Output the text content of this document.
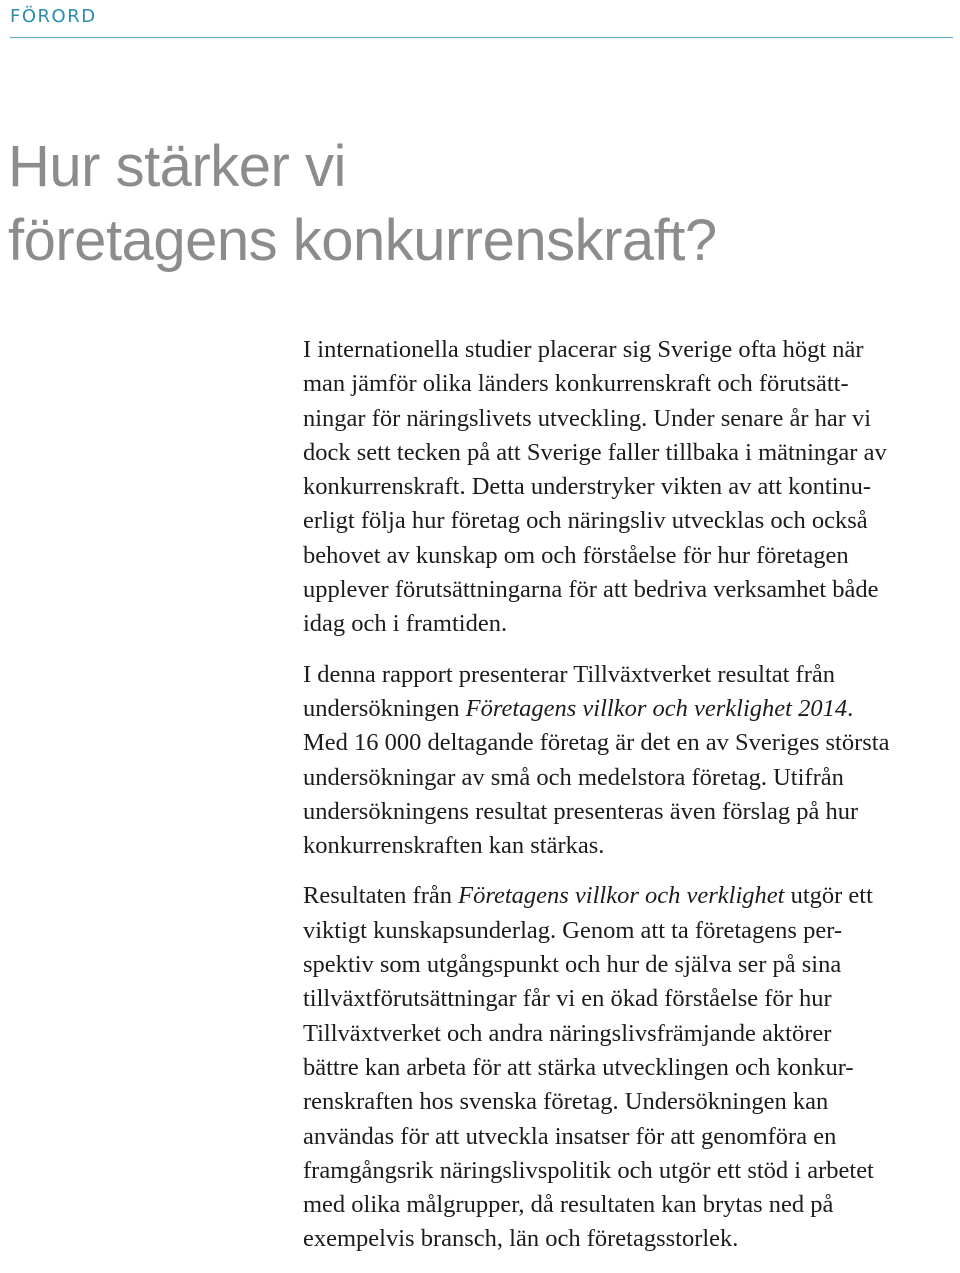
FÖRORD
Hur stärker vi
företagens konkurrenskraft?

I internationella studier placerar sig Sverige ofta högt när
man jämför olika länders konkurrenskraft och förutsätt-
ningar för näringslivets utveckling. Under senare år har vi
dock sett tecken på att Sverige faller tillbaka i mätningar av
konkurrenskraft. Detta understryker vikten av att kontinu-
erligt följa hur företag och näringsliv utvecklas och också
behovet av kunskap om och förståelse för hur företagen
upplever förutsättningarna för att bedriva verksamhet både
idag och i framtiden.

I denna rapport presenterar Tillväxtverket resultat från
undersökningen Företagens villkor och verklighet 2014.
Med 16 000 deltagande företag är det en av Sveriges största
undersökningar av små och medelstora företag. Utifrån
undersökningens resultat presenteras även förslag på hur
konkurrenskraften kan stärkas.

Resultaten från Företagens villkor och verklighet utgör ett
viktigt kunskapsunderlag. Genom att ta företagens per-
spektiv som utgångspunkt och hur de själva ser på sina
tillväxtförutsättningar får vi en ökad förståelse för hur
Tillväxtverket och andra näringslivsfrämjande aktörer
bättre kan arbeta för att stärka utvecklingen och konkur-
renskraften hos svenska företag. Undersökningen kan
användas för att utveckla insatser för att genomföra en
framgångsrik näringslivspolitik och utgör ett stöd i arbetet
med olika målgrupper, då resultaten kan brytas ned på
exempelvis bransch, län och företagsstorlek.
